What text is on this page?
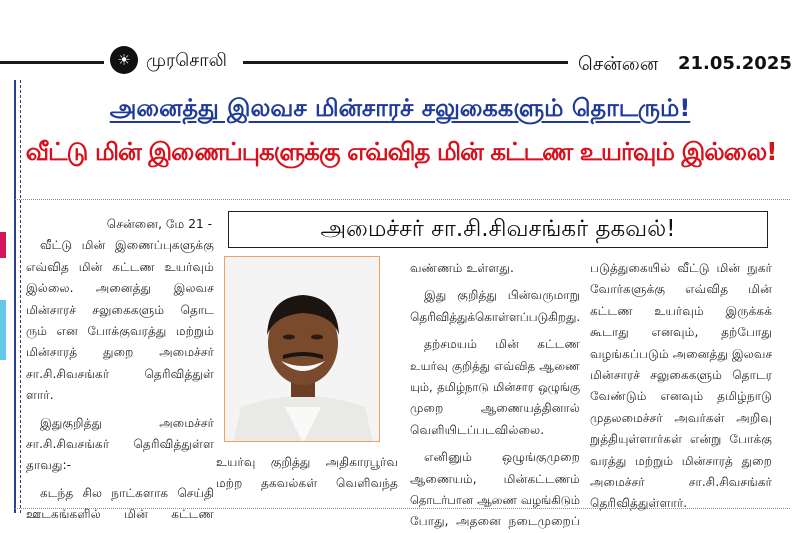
☀ முரசொலி	சென்னை 21.05.2025
அனைத்து இலவச மின்சாரச் சலுகைகளும் தொடரும்!
வீட்டு மின் இணைப்புகளுக்கு எவ்வித மின் கட்டண உயர்வும் இல்லை!
அமைச்சர் சா.சி.சிவசங்கர் தகவல்!

சென்னை, மே 21 -

வீட்டு மின் இணைப்புகளுக்கு

எவ்வித மின் கட்டண உயர்வும்

இல்லை. அனைத்து இலவச

மின்சாரச் சலுகைகளும் தொட

ரும் என போக்குவரத்து மற்றும்

மின்சாரத் துறை அமைச்சர்

சா.சி.சிவசங்கர் தெரிவித்துள்

ளார்.

இதுகுறித்து அமைச்சர்

சா.சி.சிவசங்கர் தெரிவித்துள்ள

தாவது:-

கடந்த சில நாட்களாக செய்தி

ஊடகங்களில் மின் கட்டண

உயர்வு குறித்து அதிகாரபூர்வ

மற்ற தகவல்கள் வெளிவந்த

வண்ணம் உள்ளது.

இது குறித்து பின்வருமாறு

தெரிவித்துக்கொள்ளப்படுகிறது.

தற்சமயம் மின் கட்டண

உயர்வு குறித்து எவ்வித ஆணை

யும், தமிழ்நாடு மின்சார ஒழுங்கு

முறை ஆணையத்தினால்

வெளியிடப்படவில்லை.

எனினும் ஒழுங்குமுறை

ஆணையம், மின்கட்டணம்

தொடர்பான ஆணை வழங்கிடும்

போது, அதனை நடைமுறைப்

படுத்துகையில் வீட்டு மின் நுகர்

வோர்களுக்கு எவ்வித மின்

கட்டண உயர்வும் இருக்கக்

கூடாது எனவும், தற்போது

வழங்கப்படும் அனைத்து இலவச

மின்சாரச் சலுகைகளும் தொடர

வேண்டும் எனவும் தமிழ்நாடு

முதலமைச்சர் அவர்கள் அறிவு

றுத்தியுள்ளார்கள் என்று போக்கு

வரத்து மற்றும் மின்சாரத் துறை

அமைச்சர் சா.சி.சிவசங்கர்

தெரிவித்துள்ளார்.
